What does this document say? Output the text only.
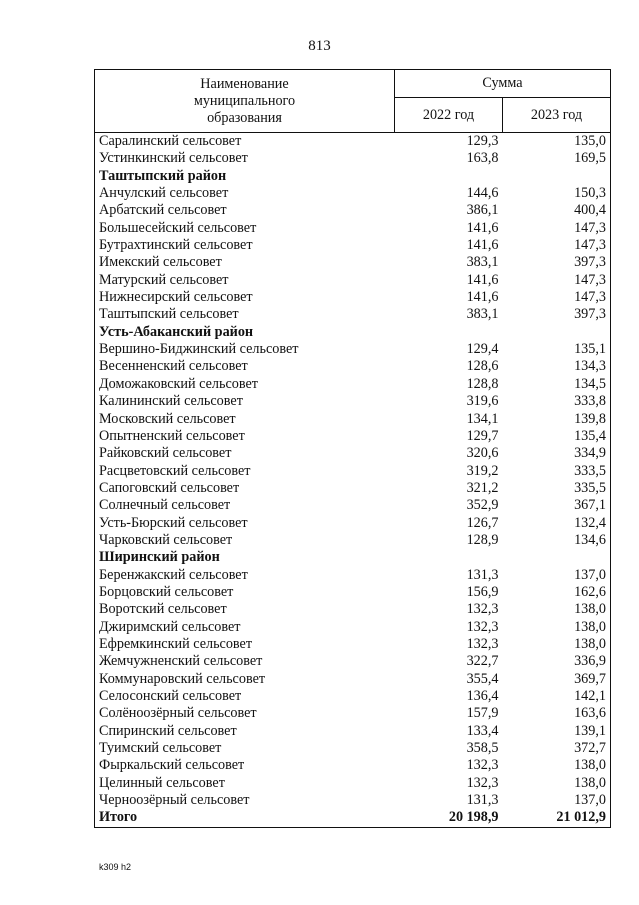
813
Наименование
муниципального
образования	Сумма	
	2022 год	2023 год
Саралинский сельсовет	129,3	135,0
Устинкинский сельсовет	163,8	169,5
Таштыпский район		
Анчулский сельсовет	144,6	150,3
Арбатский сельсовет	386,1	400,4
Большесейский сельсовет	141,6	147,3
Бутрахтинский сельсовет	141,6	147,3
Имекский сельсовет	383,1	397,3
Матурский сельсовет	141,6	147,3
Нижнесирский сельсовет	141,6	147,3
Таштыпский сельсовет	383,1	397,3
Усть-Абаканский район		
Вершино-Биджинский сельсовет	129,4	135,1
Весенненский сельсовет	128,6	134,3
Доможаковский сельсовет	128,8	134,5
Калининский сельсовет	319,6	333,8
Московский сельсовет	134,1	139,8
Опытненский сельсовет	129,7	135,4
Райковский сельсовет	320,6	334,9
Расцветовский сельсовет	319,2	333,5
Сапоговский сельсовет	321,2	335,5
Солнечный сельсовет	352,9	367,1
Усть-Бюрский сельсовет	126,7	132,4
Чарковский сельсовет	128,9	134,6
Ширинский район		
Беренжакский сельсовет	131,3	137,0
Борцовский сельсовет	156,9	162,6
Воротский сельсовет	132,3	138,0
Джиримский сельсовет	132,3	138,0
Ефремкинский сельсовет	132,3	138,0
Жемчужненский сельсовет	322,7	336,9
Коммунаровский сельсовет	355,4	369,7
Селосонский сельсовет	136,4	142,1
Солёноозёрный сельсовет	157,9	163,6
Спиринский сельсовет	133,4	139,1
Туимский сельсовет	358,5	372,7
Фыркальский сельсовет	132,3	138,0
Целинный сельсовет	132,3	138,0
Черноозёрный сельсовет	131,3	137,0
Итого	20 198,9	21 012,9
k309 h2
